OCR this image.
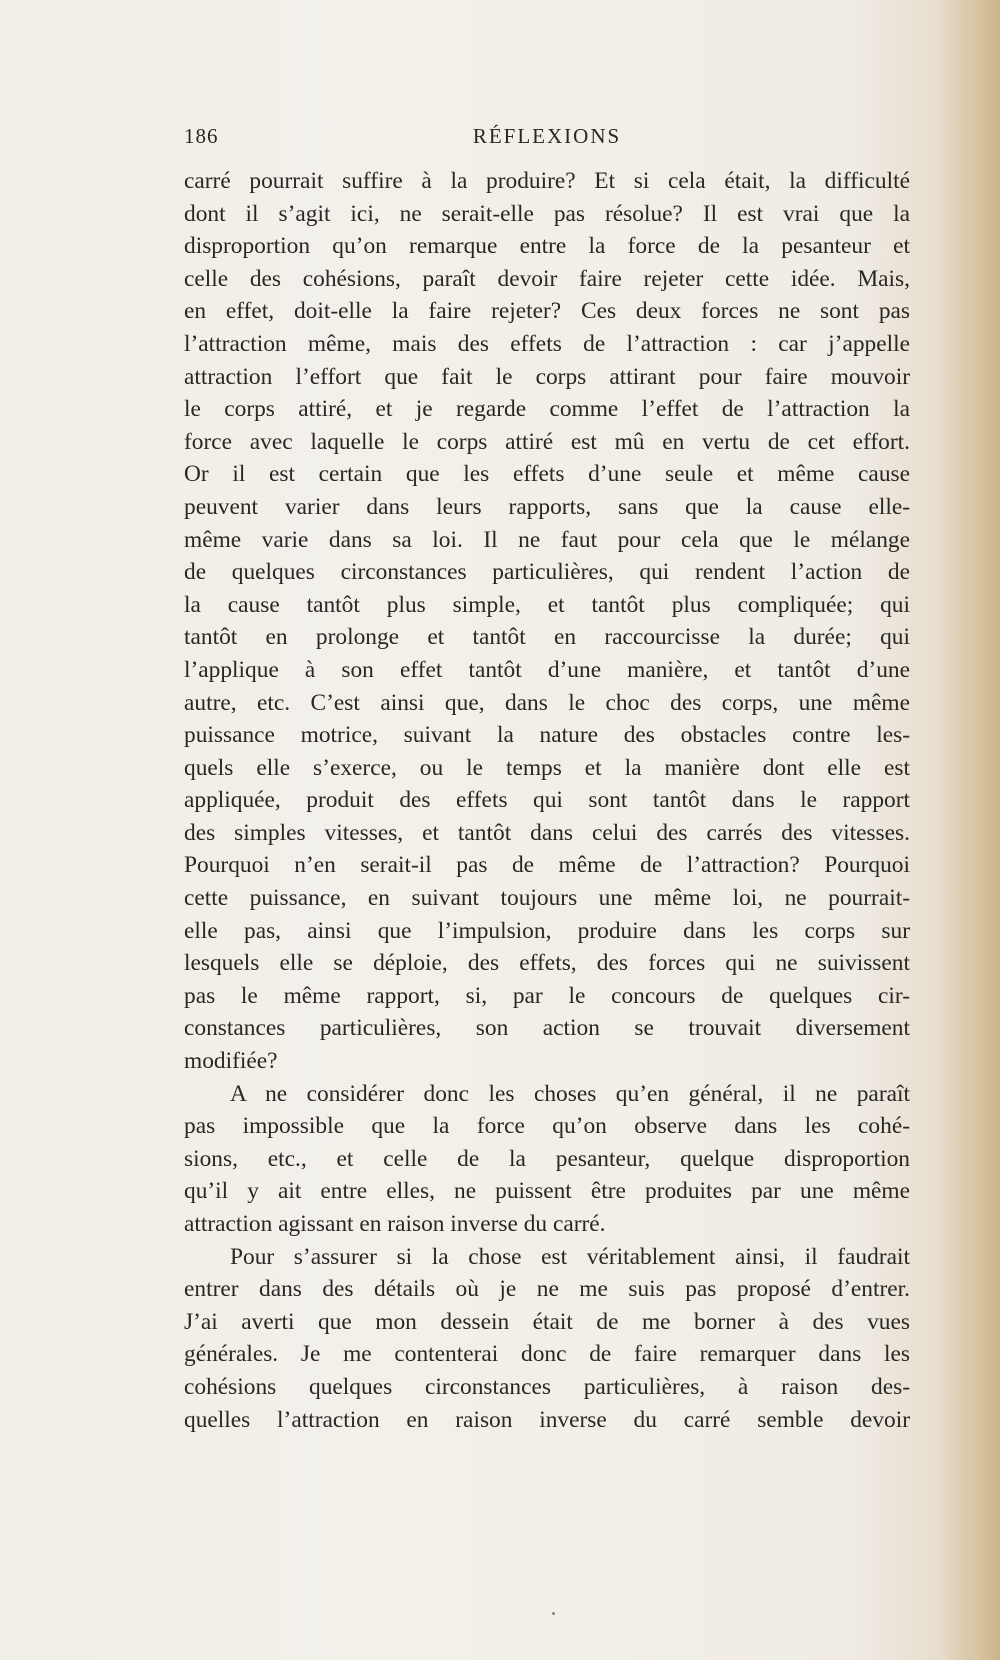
RÉFLEXIONS
186

carré pourrait suffire à la produire? Et si cela était, la difficulté
dont il s’agit ici, ne serait-elle pas résolue? Il est vrai que la
disproportion qu’on remarque entre la force de la pesanteur et
celle des cohésions, paraît devoir faire rejeter cette idée. Mais,
en effet, doit-elle la faire rejeter? Ces deux forces ne sont pas
l’attraction même, mais des effets de l’attraction : car j’appelle
attraction l’effort que fait le corps attirant pour faire mouvoir
le corps attiré, et je regarde comme l’effet de l’attraction la
force avec laquelle le corps attiré est mû en vertu de cet effort.
Or il est certain que les effets d’une seule et même cause
peuvent varier dans leurs rapports, sans que la cause elle-
même varie dans sa loi. Il ne faut pour cela que le mélange
de quelques circonstances particulières, qui rendent l’action de
la cause tantôt plus simple, et tantôt plus compliquée; qui
tantôt en prolonge et tantôt en raccourcisse la durée; qui
l’applique à son effet tantôt d’une manière, et tantôt d’une
autre, etc. C’est ainsi que, dans le choc des corps, une même
puissance motrice, suivant la nature des obstacles contre les-
quels elle s’exerce, ou le temps et la manière dont elle est
appliquée, produit des effets qui sont tantôt dans le rapport
des simples vitesses, et tantôt dans celui des carrés des vitesses.
Pourquoi n’en serait-il pas de même de l’attraction? Pourquoi
cette puissance, en suivant toujours une même loi, ne pourrait-
elle pas, ainsi que l’impulsion, produire dans les corps sur
lesquels elle se déploie, des effets, des forces qui ne suivissent
pas le même rapport, si, par le concours de quelques cir-
constances particulières, son action se trouvait diversement
modifiée?

A ne considérer donc les choses qu’en général, il ne paraît
pas impossible que la force qu’on observe dans les cohé-
sions, etc., et celle de la pesanteur, quelque disproportion
qu’il y ait entre elles, ne puissent être produites par une même
attraction agissant en raison inverse du carré.

Pour s’assurer si la chose est véritablement ainsi, il faudrait
entrer dans des détails où je ne me suis pas proposé d’entrer.
J’ai averti que mon dessein était de me borner à des vues
générales. Je me contenterai donc de faire remarquer dans les
cohésions quelques circonstances particulières, à raison des-
quelles l’attraction en raison inverse du carré semble devoir
